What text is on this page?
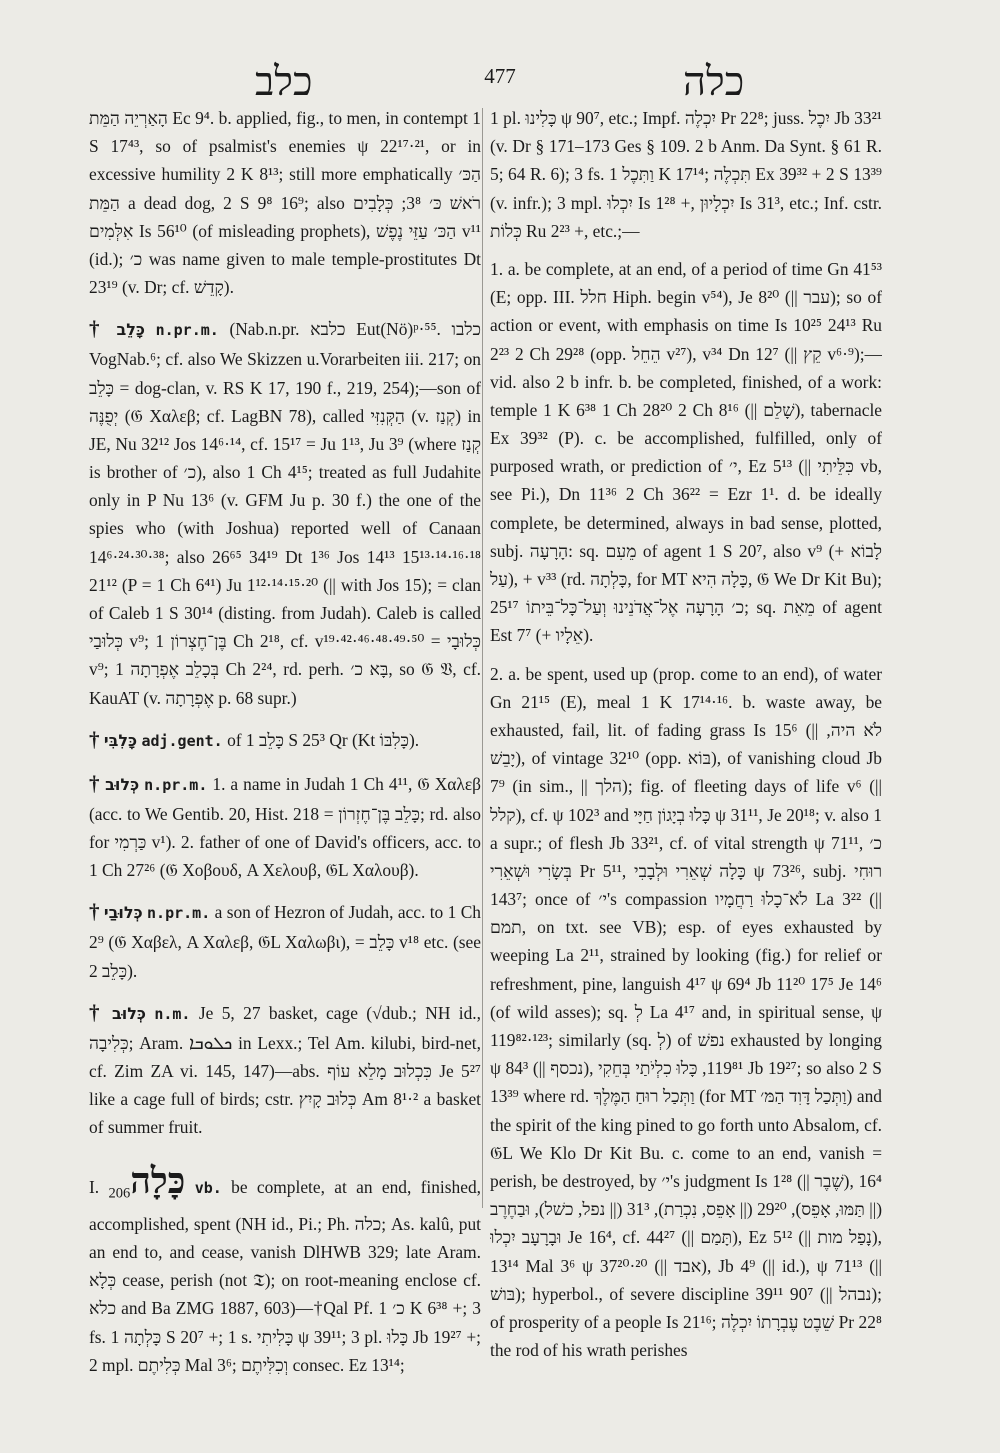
כלב	477	כלה

הָאַרְיֵה הַמֵּת Ec 9⁴. b. applied, fig., to men, in contempt 1 S 17⁴³, so of psalmist's enemies ψ 22¹⁷·²¹, or in excessive humility 2 K 8¹³; still more emphatically הַכּ׳ הַמֵּת a dead dog, 2 S 9⁸ 16⁹; also רֹאשׁ כּ׳ 3⁸; כְּלָבִים אִלְּמִים Is 56¹⁰ (of misleading prophets), הַכּ׳ עַזֵּי נֶפֶשׁ v¹¹ (id.); כ׳ was name given to male temple-prostitutes Dt 23¹⁹ (v. Dr; cf. קָדֵשׁ).

† כָּלֵב n.pr.m. (Nab.n.pr. כלבא Eut(Nö)ᵖ·⁵⁵. כלבו VogNab.⁶; cf. also We Skizzen u.Vorarbeiten iii. 217; on כָּלֵב = dog-clan, v. RS K 17, 190 f., 219, 254);—son of יְפֻנֶּה (𝔊 Χαλεβ; cf. LagBN 78), called הַקְּנִזִּי (v. קְנַז) in JE, Nu 32¹² Jos 14⁶·¹⁴, cf. 15¹⁷ = Ju 1¹³, Ju 3⁹ (where קְנַז is brother of כ׳), also 1 Ch 4¹⁵; treated as full Judahite only in P Nu 13⁶ (v. GFM Ju p. 30 f.) the one of the spies who (with Joshua) reported well of Canaan 14⁶·²⁴·³⁰·³⁸; also 26⁶⁵ 34¹⁹ Dt 1³⁶ Jos 14¹³ 15¹³·¹⁴·¹⁶·¹⁸ 21¹² (P = 1 Ch 6⁴¹) Ju 1¹²·¹⁴·¹⁵·²⁰ (|| with Jos 15); = clan of Caleb 1 S 30¹⁴ (disting. from Judah). Caleb is called כְּלוּבַי v⁹; בֶּן־חֶצְרוֹן 1 Ch 2¹⁸, cf. v¹⁹·⁴²·⁴⁶·⁴⁸·⁴⁹·⁵⁰ = כְּלוּבָי v⁹; בְּכָלֵב אֶפְרָתָה 1 Ch 2²⁴, rd. perh. בָּא כ׳, so 𝔊 𝔙, cf. KauAT (v. אֶפְרָתָה p. 68 supr.)

† כָּלִבִּי adj.gent. of כָּלֵב 1 S 25³ Qr (Kt כָּלִבּוֹ).

† כְּלוּב n.pr.m. 1. a name in Judah 1 Ch 4¹¹, 𝔊 Χαλεβ (acc. to We Gentib. 20, Hist. 218 = כָּלֵב בֶּן־חֶזְרוֹן; rd. also for כַּרְמִי v¹). 2. father of one of David's officers, acc. to 1 Ch 27²⁶ (𝔊 Χοβουδ, A Χελουβ, 𝔊L Χαλουβ).

† כְּלוּבַי n.pr.m. a son of Hezron of Judah, acc. to 1 Ch 2⁹ (𝔊 Χαβελ, A Χαλεβ, 𝔊L Χαλωβι), = כָּלֵב v¹⁸ etc. (see כָּלֵב 2).

† כְּלוּב n.m. Je 5, 27 basket, cage (√dub.; NH id., כְּלִיבָה; Aram. ܟܠܘܒܐ in Lexx.; Tel Am. kilubi, bird-net, cf. Zim ZA vi. 145, 147)—abs. כִּכְלוּב מָלֵא עוֹף Je 5²⁷ like a cage full of birds; cstr. כְּלוּב קָיִץ Am 8¹·² a basket of summer fruit.

I. כָּלָה$_{206}$	vb. be complete, at an end, finished, accomplished, spent (NH id., Pi.; Ph. כלה; As. kalû, put an end to, and cease, vanish DlHWB 329; late Aram. כְּלָא cease, perish (not 𝔗); on root-meaning enclose cf. כלא and Ba ZMG 1887, 603)—†Qal Pf. כ׳ 1 K 6³⁸ +; 3 fs. כָּלְתָה 1 S 20⁷ +; 1 s. כָּלִיתִי ψ 39¹¹; 3 pl. כָּלוּ Jb 19²⁷ +; 2 mpl. כְּלִיתֶם Mal 3⁶; וְכִלִּיתֶם consec. Ez 13¹⁴;

1 pl. כָּלִינוּ ψ 90⁷, etc.; Impf. יִכְלֶה Pr 22⁸; juss. יִכֶל Jb 33²¹ (v. Dr § 171–173 Ges § 109. 2 b Anm. Da Synt. § 61 R. 5; 64 R. 6); 3 fs. וַתִּכֶל 1 K 17¹⁴; תִּכְלֶה Ex 39³² + 2 S 13³⁹ (v. infr.); 3 mpl. יִכְלוּ Is 1²⁸ +, יִכְלָיוּן Is 31³, etc.; Inf. cstr. כְּלוֹת Ru 2²³ +, etc.;—

1. a. be complete, at an end, of a period of time Gn 41⁵³ (E; opp. III. חלל Hiph. begin v⁵⁴), Je 8²⁰ (|| עבר); so of action or event, with emphasis on time Is 10²⁵ 24¹³ Ru 2²³ 2 Ch 29²⁸ (opp. הֵחֵל v²⁷), v³⁴ Dn 12⁷ (|| קֵץ v⁶·⁹);—vid. also 2 b infr. b. be completed, finished, of a work: temple 1 K 6³⁸ 1 Ch 28²⁰ 2 Ch 8¹⁶ (|| שָׁלֵם), tabernacle Ex 39³² (P). c. be accomplished, fulfilled, only of purposed wrath, or prediction of י׳, Ez 5¹³ (|| כִּלֵּיתִי vb, see Pi.), Dn 11³⁶ 2 Ch 36²² = Ezr 1¹. d. be ideally complete, be determined, always in bad sense, plotted, subj. הָרָעָה: sq. מֵעִם of agent 1 S 20⁷, also v⁹ (+ לָבוֹא עַל), + v³³ (rd. כָּלְתָה, for MT כָּלָה הִיא, 𝔊 We Dr Kit Bu); כ׳ הָרָעָה אֶל־אֲדֹנֵינוּ וְעַל־כָּל־בֵּיתוֹ 25¹⁷; sq. מֵאֵת of agent Est 7⁷ (+ אֵלָיו).

2. a. be spent, used up (prop. come to an end), of water Gn 21¹⁵ (E), meal 1 K 17¹⁴·¹⁶. b. waste away, be exhausted, fail, lit. of fading grass Is 15⁶ (|| לֹא היה, יָבֵשׁ), of vintage 32¹⁰ (opp. בּוֹא), of vanishing cloud Jb 7⁹ (in sim., || הלך); fig. of fleeting days of life v⁶ (|| קלל), cf. ψ 102³ and כָּלוּ בְיָגוֹן חַיָּי ψ 31¹¹, Je 20¹⁸; v. also 1 a supr.; of flesh Jb 33²¹, cf. of vital strength ψ 71¹¹, כ׳ בְּשָׂרִי וּשְׁאֵרִי Pr 5¹¹, כָּלָה שְׁאֵרִי וּלְבָבִי ψ 73²⁶, subj. רוּחִי 143⁷; once of י׳'s compassion לֹא־כָלוּ רַחֲמָיו La 3²² (|| תמם, on txt. see VB); esp. of eyes exhausted by weeping La 2¹¹, strained by looking (fig.) for relief or refreshment, pine, languish 4¹⁷ ψ 69⁴ Jb 11²⁰ 17⁵ Je 14⁶ (of wild asses); sq. לְ La 4¹⁷ and, in spiritual sense, ψ 119⁸²·¹²³; similarly (sq. לְ) of נפשׁ exhausted by longing ψ 84³ (|| נכסף), 119⁸¹, כָּלוּ כִלְיֹתַי בְּחֵקִי Jb 19²⁷; so also 2 S 13³⁹ where rd. וַתְּכַל רוּחַ הַמֶּלֶךְ (for MT וַתְּכַל דָּוִד הַמּ׳) and the spirit of the king pined to go forth unto Absalom, cf. 𝔊L We Klo Dr Kit Bu. c. come to an end, vanish = perish, be destroyed, by י׳'s judgment Is 1²⁸ (|| שֶׁבֶר), 16⁴ (|| תַּמּוּ, אָפֵס), 29²⁰ (|| אָפֵס, נִכְרַת), 31³ (|| נפל, כשׁל), וּבַחֶרֶב וּבָרָעָב יִכְלוּ Je 16⁴, cf. 44²⁷ (|| תָּמַם), Ez 5¹² (|| נָפַל מות), 13¹⁴ Mal 3⁶ ψ 37²⁰·²⁰ (|| אבד), Jb 4⁹ (|| id.), ψ 71¹³ (|| בּושׁ); hyperbol., of severe discipline 39¹¹ 90⁷ (|| נבהל); of prosperity of a people Is 21¹⁶; שֵׁבֶט עֶבְרָתוֹ יִכְלֶה Pr 22⁸ the rod of his wrath perishes
